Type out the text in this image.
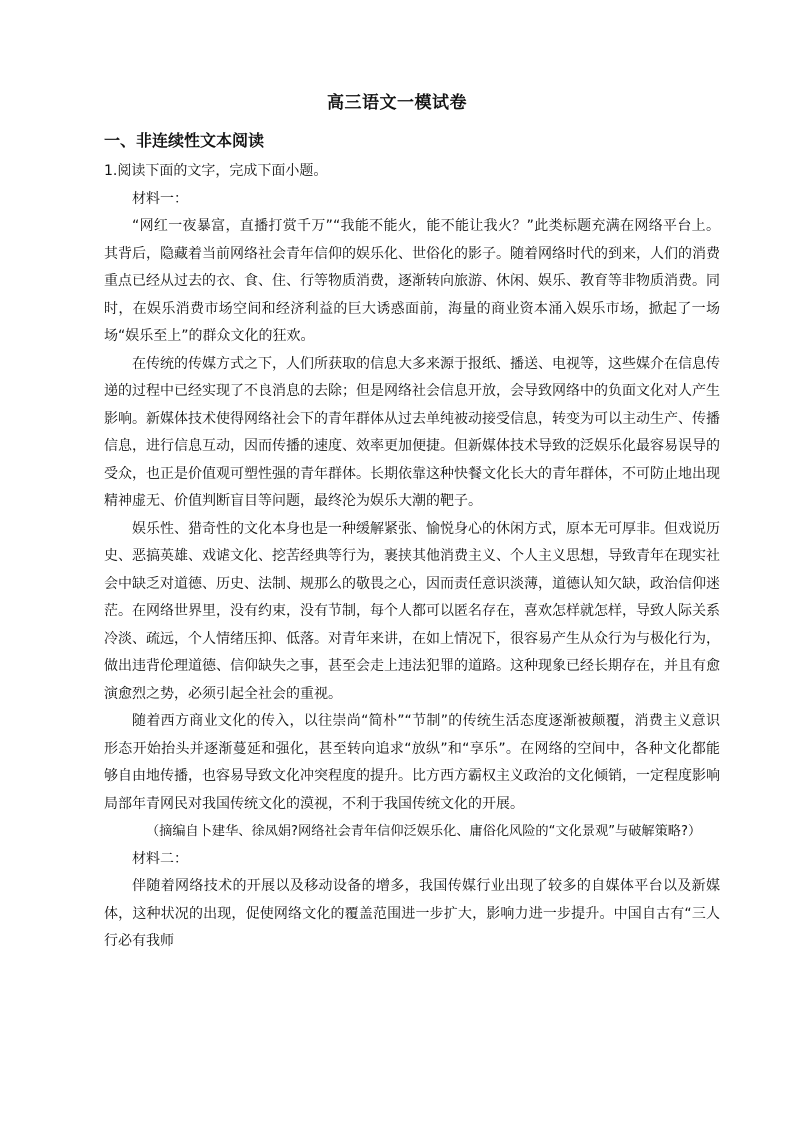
高三语文一模试卷
一、非连续性文本阅读

1.阅读下面的文字，完成下面小题。

材料一：

“网红一夜暴富，直播打赏千万”“我能不能火，能不能让我火？”此类标题充满在网络平台上。其背后，隐藏着当前网络社会青年信仰的娱乐化、世俗化的影子。随着网络时代的到来，人们的消费重点已经从过去的衣、食、住、行等物质消费，逐渐转向旅游、休闲、娱乐、教育等非物质消费。同时，在娱乐消费市场空间和经济利益的巨大诱惑面前，海量的商业资本涌入娱乐市场，掀起了一场场“娱乐至上”的群众文化的狂欢。

在传统的传媒方式之下，人们所获取的信息大多来源于报纸、播送、电视等，这些媒介在信息传递的过程中已经实现了不良消息的去除；但是网络社会信息开放，会导致网络中的负面文化对人产生影响。新媒体技术使得网络社会下的青年群体从过去单纯被动接受信息，转变为可以主动生产、传播信息，进行信息互动，因而传播的速度、效率更加便捷。但新媒体技术导致的泛娱乐化最容易误导的受众，也正是价值观可塑性强的青年群体。长期依靠这种快餐文化长大的青年群体，不可防止地出现精神虚无、价值判断盲目等问题，最终沦为娱乐大潮的靶子。

娱乐性、猎奇性的文化本身也是一种缓解紧张、愉悦身心的休闲方式，原本无可厚非。但戏说历史、恶搞英雄、戏谑文化、挖苦经典等行为，裹挟其他消费主义、个人主义思想，导致青年在现实社会中缺乏对道德、历史、法制、规那么的敬畏之心，因而责任意识淡薄，道德认知欠缺，政治信仰迷茫。在网络世界里，没有约束，没有节制，每个人都可以匿名存在，喜欢怎样就怎样，导致人际关系冷淡、疏远，个人情绪压抑、低落。对青年来讲，在如上情况下，很容易产生从众行为与极化行为，做出违背伦理道德、信仰缺失之事，甚至会走上违法犯罪的道路。这种现象已经长期存在，并且有愈演愈烈之势，必须引起全社会的重视。

随着西方商业文化的传入，以往崇尚“简朴”“节制”的传统生活态度逐渐被颠覆，消费主义意识形态开始抬头并逐渐蔓延和强化，甚至转向追求“放纵”和“享乐”。在网络的空间中，各种文化都能够自由地传播，也容易导致文化冲突程度的提升。比方西方霸权主义政治的文化倾销，一定程度影响局部年青网民对我国传统文化的漠视，不利于我国传统文化的开展。

（摘编自卜建华、徐凤娟?网络社会青年信仰泛娱乐化、庸俗化风险的“文化景观”与破解策略?）

材料二：

伴随着网络技术的开展以及移动设备的增多，我国传媒行业出现了较多的自媒体平台以及新媒体，这种状况的出现，促使网络文化的覆盖范围进一步扩大，影响力进一步提升。中国自古有“三人行必有我师
